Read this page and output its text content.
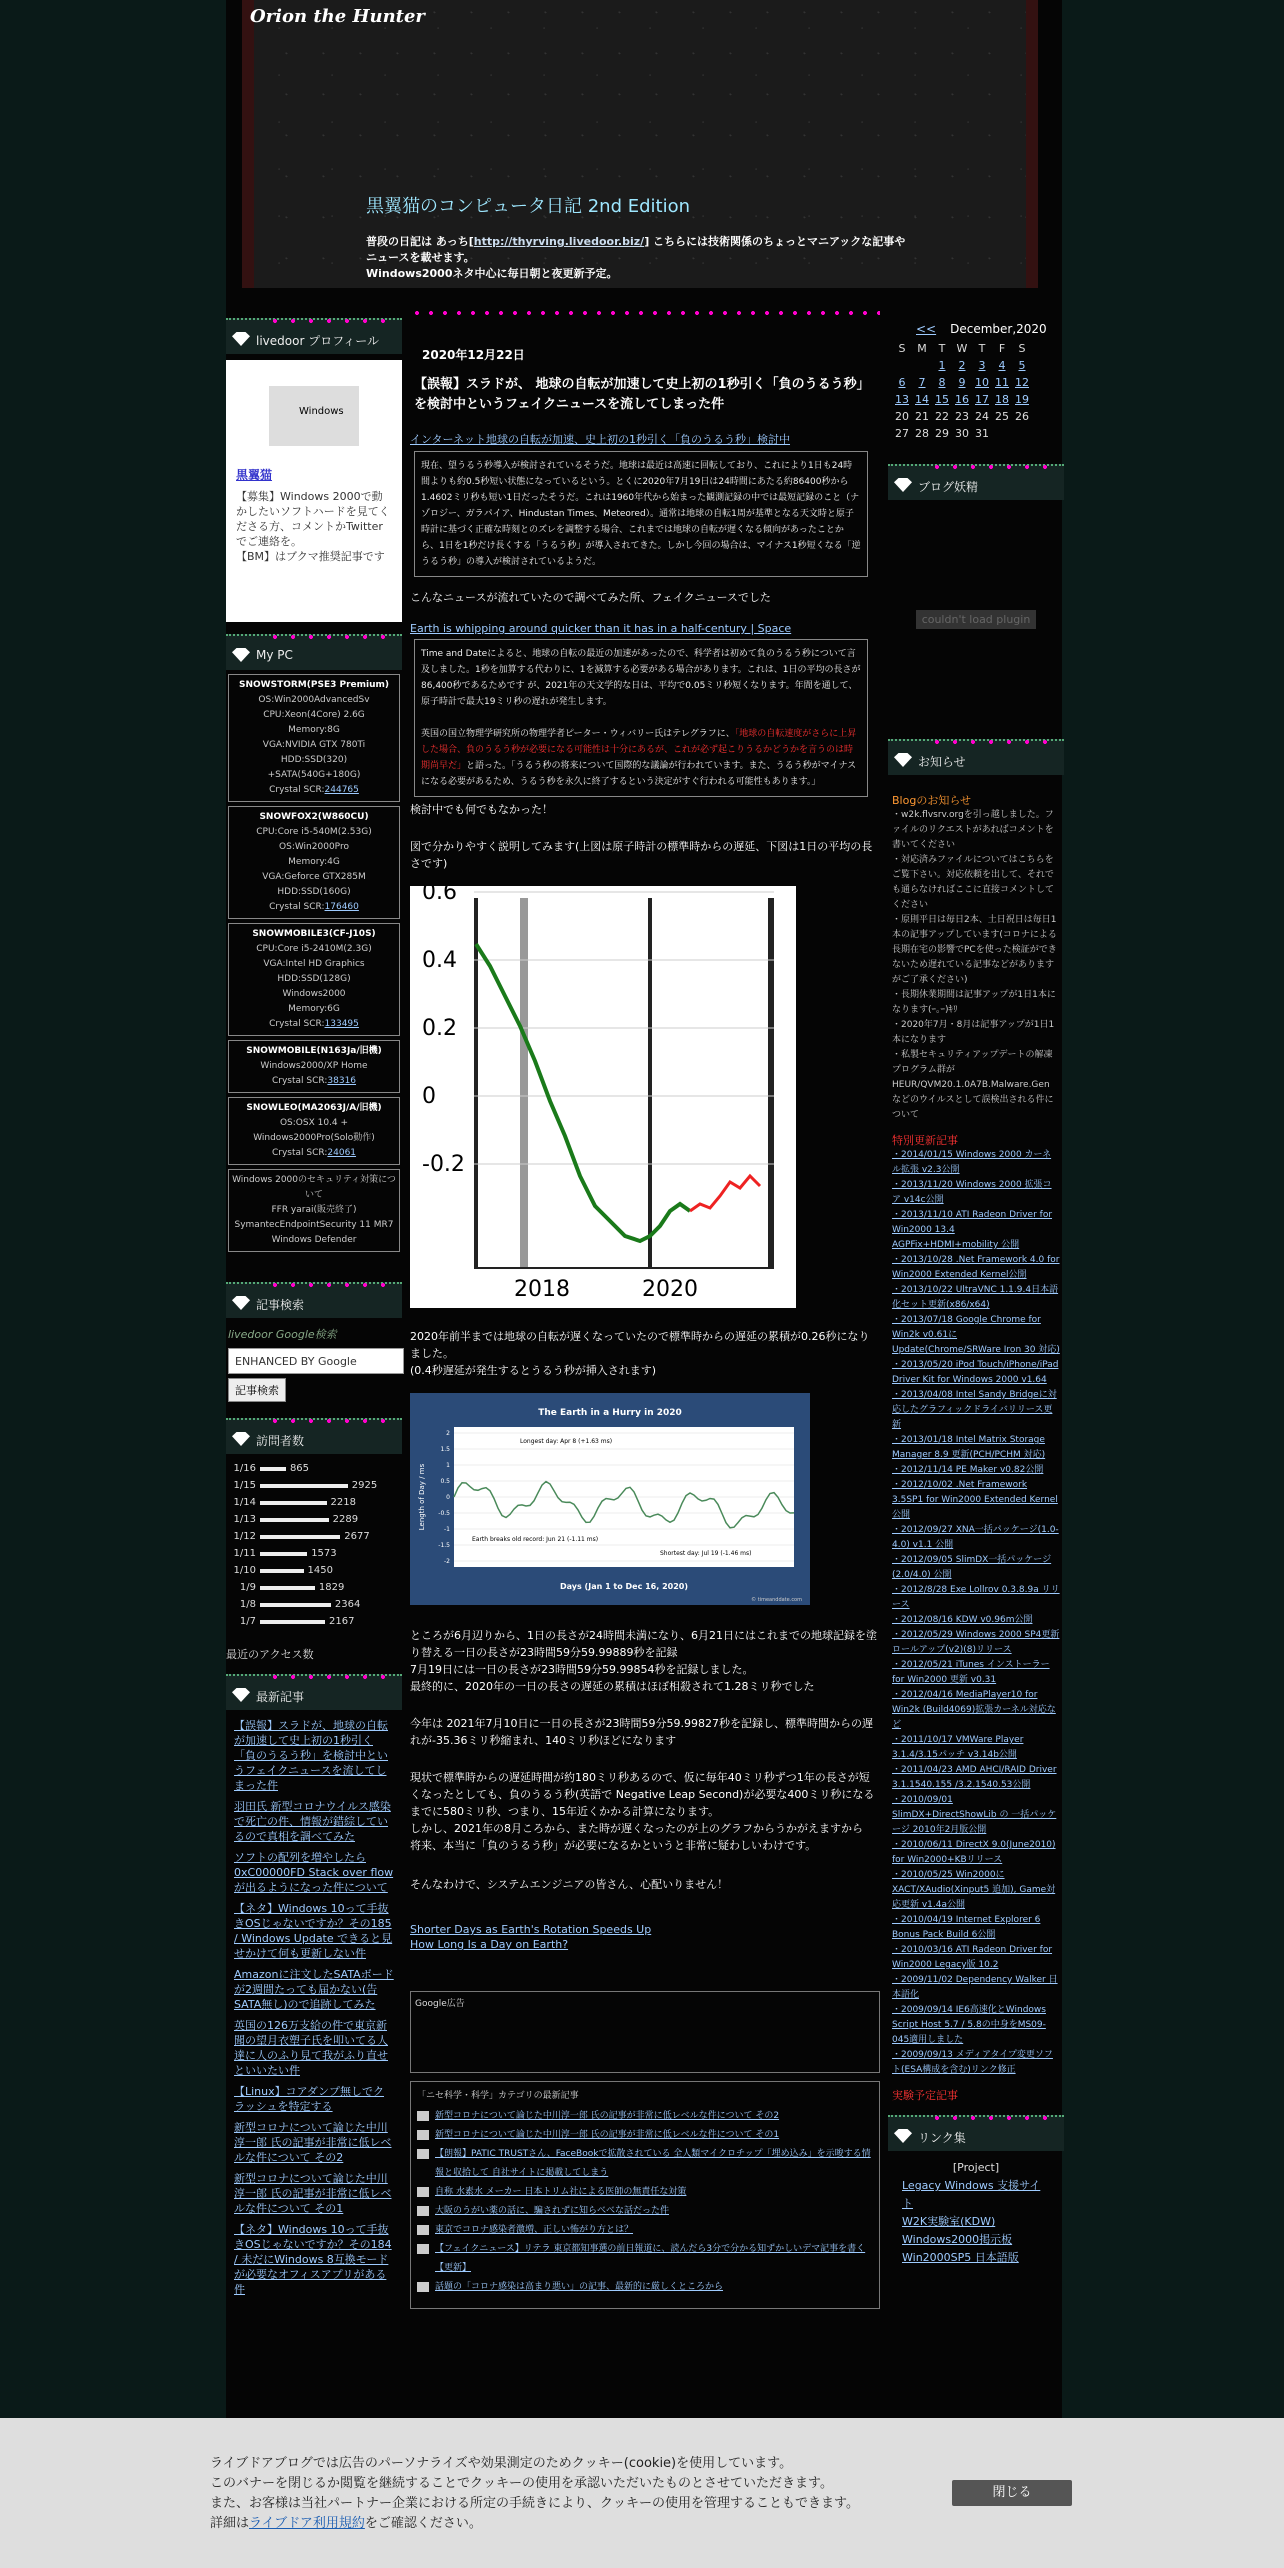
Orion the Hunter
黒翼猫のコンピュータ日記 2nd Edition
普段の日記は あっち[http://thyrving.livedoor.biz/] こちらには技術関係のちょっとマニアックな記事やニュースを載せます。
Windows2000ネタ中心に毎日朝と夜更新予定。
livedoor プロフィール
Windows
黒翼猫
【募集】Windows 2000で動かしたいソフトハードを見てくださる方、コメントかTwitterでご連絡を。
【BM】はブクマ推奨記事です
My PC
SNOWSTORM(PSE3 Premium)
OS:Win2000AdvancedSv
CPU:Xeon(4Core) 2.6G
Memory:8G
VGA:NVIDIA GTX 780Ti
HDD:SSD(320)
+SATA(540G+180G)
Crystal SCR:244765
SNOWFOX2(W860CU)
CPU:Core i5-540M(2.53G)
OS:Win2000Pro
Memory:4G
VGA:Geforce GTX285M
HDD:SSD(160G)
Crystal SCR:176460
SNOWMOBILE3(CF-J10S)
CPU:Core i5-2410M(2.3G)
VGA:Intel HD Graphics
HDD:SSD(128G)
Windows2000
Memory:6G
Crystal SCR:133495
SNOWMOBILE(N163Ja/旧機)
Windows2000/XP Home
Crystal SCR:38316
SNOWLEO(MA2063J/A/旧機)
OS:OSX 10.4 +
Windows2000Pro(Solo動作)
Crystal SCR:24061
Windows 2000のセキュリティ対策について
FFR yarai(販売終了)
SymantecEndpointSecurity 11 MR7
Windows Defender
記事検索
livedoor Google検索
ENHANCED BY Google
記事検索
訪問者数
1/16	865
1/15	2925
1/14	2218
1/13	2289
1/12	2677
1/11	1573
1/10	1450
1/9	1829
1/8	2364
1/7	2167
最近のアクセス数
最新記事
【誤報】スラドが、地球の自転が加速して史上初の1秒引く「負のうるう秒」を検討中というフェイクニュースを流してしまった件
羽田氏 新型コロナウイルス感染で死亡の件、情報が錯綜しているので真相を調べてみた
ソフトの配列を増やしたら0xC00000FD Stack over flowが出るようになった件について
【ネタ】Windows 10って手抜きOSじゃないですか？その185 / Windows Update できると見せかけて何も更新しない件
Amazonに注文したSATAボードが2週間たっても届かない(告SATA無し)ので追跡してみた
英国の126万支給の件で東京新聞の望月衣塑子氏を叩いてる人達に人のふり見て我がふり直せといいたい件
【Linux】コアダンプ無しでクラッシュを特定する
新型コロナについて論じた中川淳一郎 氏の記事が非常に低レベルな件について その2
新型コロナについて論じた中川淳一郎 氏の記事が非常に低レベルな件について その1
【ネタ】Windows 10って手抜きOSじゃないですか？その184 / 未だにWindows 8互換モードが必要なオフィスアプリがある件
2020年12月22日
【誤報】スラドが、 地球の自転が加速して史上初の1秒引く「負のうるう秒」を検討中というフェイクニュースを流してしまった件
インターネット地球の自転が加速、史上初の1秒引く「負のうるう秒」検討中
現在、望うるう秒導入が検討されているそうだ。地球は最近は高速に回転しており、これにより1日も24時間よりも約0.5秒短い状態になっているという。とくに2020年7月19日は24時間にあたる約86400秒から1.4602ミリ秒も短い1日だったそうだ。これは1960年代から始まった観測記録の中では最短記録のこと（ナゾロジー、ガラパイア、Hindustan Times、Meteored）。通常は地球の自転1周が基準となる天文時と原子時計に基づく正確な時刻とのズレを調整する場合、これまでは地球の自転が遅くなる傾向があったことから、1日を1秒だけ長くする「うるう秒」が導入されてきた。しかし今回の場合は、マイナス1秒短くなる「逆うるう秒」の導入が検討されているようだ。
こんなニュースが流れていたので調べてみた所、フェイクニュースでした
Earth is whipping around quicker than it has in a half-century | Space
Time and Dateによると、地球の自転の最近の加速があったので、科学者は初めて負のうるう秒について言及しました。1秒を加算する代わりに、1を減算する必要がある場合があります。これは、1日の平均の長さが86,400秒であるためです が、2021年の天文学的な日は、平均で0.05ミリ秒短くなります。年間を通して、原子時計で最大19ミリ秒の遅れが発生します。

英国の国立物理学研究所の物理学者ピーター・ウィバリー氏はテレグラフに、「地球の自転速度がさらに上昇した場合、負のうるう秒が必要になる可能性は十分にあるが、これが必ず起こりうるかどうかを言うのは時期尚早だ」と語った。「うるう秒の将来について国際的な議論が行われています。また、うるう秒がマイナスになる必要があるため、うるう秒を永久に終了するという決定がすぐ行われる可能性もあります。」
検討中でも何でもなかった！
図で分かりやすく説明してみます(上図は原子時計の標準時からの遅延、下図は1日の平均の長さです)
0.6
0.4
0.2
0
-0.2
2018	2020
2020年前半までは地球の自転が遅くなっていたので標準時からの遅延の累積が0.26秒になりました。
(0.4秒遅延が発生するとうるう秒が挿入されます)
The Earth in a Hurry in 2020
2
1.5
1
0.5
0
-0.5
-1
-1.5
-2
Longest day: Apr 8 (+1.63 ms)
Earth breaks old record: Jun 21 (-1.11 ms)
Shortest day: Jul 19 (-1.46 ms)
Length of Day / ms
Days (Jan 1 to Dec 16, 2020)
© timeanddate.com
ところが6月辺りから、1日の長さが24時間未満になり、6月21日にはこれまでの地球記録を塗り替える一日の長さが23時間59分59.99889秒を記録
7月19日には一日の長さが23時間59分59.99854秒を記録しました。
最終的に、2020年の一日の長さの遅延の累積はほぼ相殺されて1.28ミリ秒でした
今年は 2021年7月10日に一日の長さが23時間59分59.99827秒を記録し、標準時間からの遅れが-35.36ミリ秒縮まれ、140ミリ秒ほどになります
現状で標準時からの遅延時間が約180ミリ秒あるので、仮に毎年40ミリ秒ずつ1年の長さが短くなったとしても、負のうるう秒(英語で Negative Leap Second)が必要な400ミリ秒になるまでに580ミリ秒、つまり、15年近くかかる計算になります。
しかし、2021年の8月ころから、また時が遅くなったのが上のグラフからうかがえますから
将来、本当に「負のうるう秒」が必要になるかというと非常に疑わしいわけです。
そんなわけで、システムエンジニアの皆さん、心配いりません！
Shorter Days as Earth's Rotation Speeds Up
How Long Is a Day on Earth?
Google広告
「ニセ科学・科学」カテゴリの最新記事
新型コロナについて論じた中川淳一郎 氏の記事が非常に低レベルな件について その2
新型コロナについて論じた中川淳一郎 氏の記事が非常に低レベルな件について その1
【朗報】PATIC TRUSTさん、FaceBookで拡散されている 全人類マイクロチップ「埋め込み」を示唆する情報と収拾して 自社サイトに掲載してしまう
自称 水素水 メーカー 日本トリム社による医師の無責任な対策
大阪のうがい薬の話に、騙されずに知らべべな話だった件
東京でコロナ感染者激増、正しい怖がり方とは？
【フェイクニュース】リテラ 東京都知事選の前日報道に、読んだら3分で分かる知ずかしいデマ記事を書く【更新】
話題の「コロナ感染は高まり悪い」の記事、最新的に厳しくところから
<< December,2020
S	M	T	W	T	F	S
		1	2	3	4	5
6	7	8	9	10	11	12
13	14	15	16	17	18	19
20	21	22	23	24	25	26
27	28	29	30	31		
ブログ妖精
couldn't load plugin
お知らせ
Blogのお知らせ
・w2k.flvsrv.orgを引っ越しました。ファイルのリクエストがあればコメントを書いてください
・対応済みファイルについてはこちらをご覧下さい。対応依頼を出して、それでも通らなければここに直接コメントしてください
・原則平日は毎日2本、土日祝日は毎日1本の記事アップしています(コロナによる長期在宅の影響でPCを使った検証ができないため遅れている記事などがありますがご了承ください)
・長期休業期間は記事アップが1日1本になります(ｰ｡ｰ)ｷﾘ
・2020年7月・8月は記事アップが1日1本になります
・私製セキュリティアップデートの解凍プログラム群が HEUR/QVM20.1.0A7B.Malware.Gen などのウイルスとして誤検出される件について
特別更新記事
・2014/01/15 Windows 2000 カーネル拡張 v2.3公開
・2013/11/20 Windows 2000 拡張コア v14c公開
・2013/11/10 ATI Radeon Driver for Win2000 13.4 AGPFix+HDMI+mobility 公開
・2013/10/28 .Net Framework 4.0 for Win2000 Extended Kernel公開
・2013/10/22 UltraVNC 1.1.9.4日本語化セット更新(x86/x64)
・2013/07/18 Google Chrome for Win2k v0.61に Update(Chrome/SRWare Iron 30 対応)
・2013/05/20 iPod Touch/iPhone/iPad Driver Kit for Windows 2000 v1.64
・2013/04/08 Intel Sandy Bridgeに対応したグラフィックドライバリリース更新
・2013/01/18 Intel Matrix Storage Manager 8.9 更新(PCH/PCHM 対応)
・2012/11/14 PE Maker v0.82公開
・2012/10/02 .Net Framework 3.5SP1 for Win2000 Extended Kernel公開
・2012/09/27 XNA一括パッケージ(1.0-4.0) v1.1 公開
・2012/09/05 SlimDX一括パッケージ(2.0/4.0) 公開
・2012/8/28 Exe Lollrov 0.3.8.9a リリース
・2012/08/16 KDW v0.96m公開
・2012/05/29 Windows 2000 SP4更新ロールアップ(v2)(8)リリース
・2012/05/21 iTunes インストーラー for Win2000 更新 v0.31
・2012/04/16 MediaPlayer10 for Win2k (Build4069)拡張カーネル対応など
・2011/10/17 VMWare Player 3.1.4/3.15パッチ v3.14b公開
・2011/04/23 AMD AHCI/RAID Driver 3.1.1540.155 /3.2.1540.53公開
・2010/09/01 SlimDX+DirectShowLib の 一括パッケージ 2010年2月版公開
・2010/06/11 DirectX 9.0(June2010) for Win2000+KBリリース
・2010/05/25 Win2000にXACT/XAudio(Xinput5 追加), Game対応更新 v1.4a公開
・2010/04/19 Internet Explorer 6 Bonus Pack Build 6公開
・2010/03/16 ATI Radeon Driver for Win2000 Legacy版 10.2
・2009/11/02 Dependency Walker 日本語化
・2009/09/14 IE6高速化とWindows Script Host 5.7 / 5.8の中身をMS09-045適用しました
・2009/09/13 メディアタイプ変更ソフト(ESA構成を含む)リンク修正
実験予定記事
リンク集
[Project]
Legacy Windows 支援サイト
W2K実験室(KDW)
Windows2000掲示板
Win2000SP5 日本語版
ライブドアブログでは広告のパーソナライズや効果測定のためクッキー(cookie)を使用しています。
このバナーを閉じるか閲覧を継続することでクッキーの使用を承認いただいたものとさせていただきます。
また、お客様は当社パートナー企業における所定の手続きにより、クッキーの使用を管理することもできます。
詳細はライブドア利用規約をご確認ください。
閉じる
